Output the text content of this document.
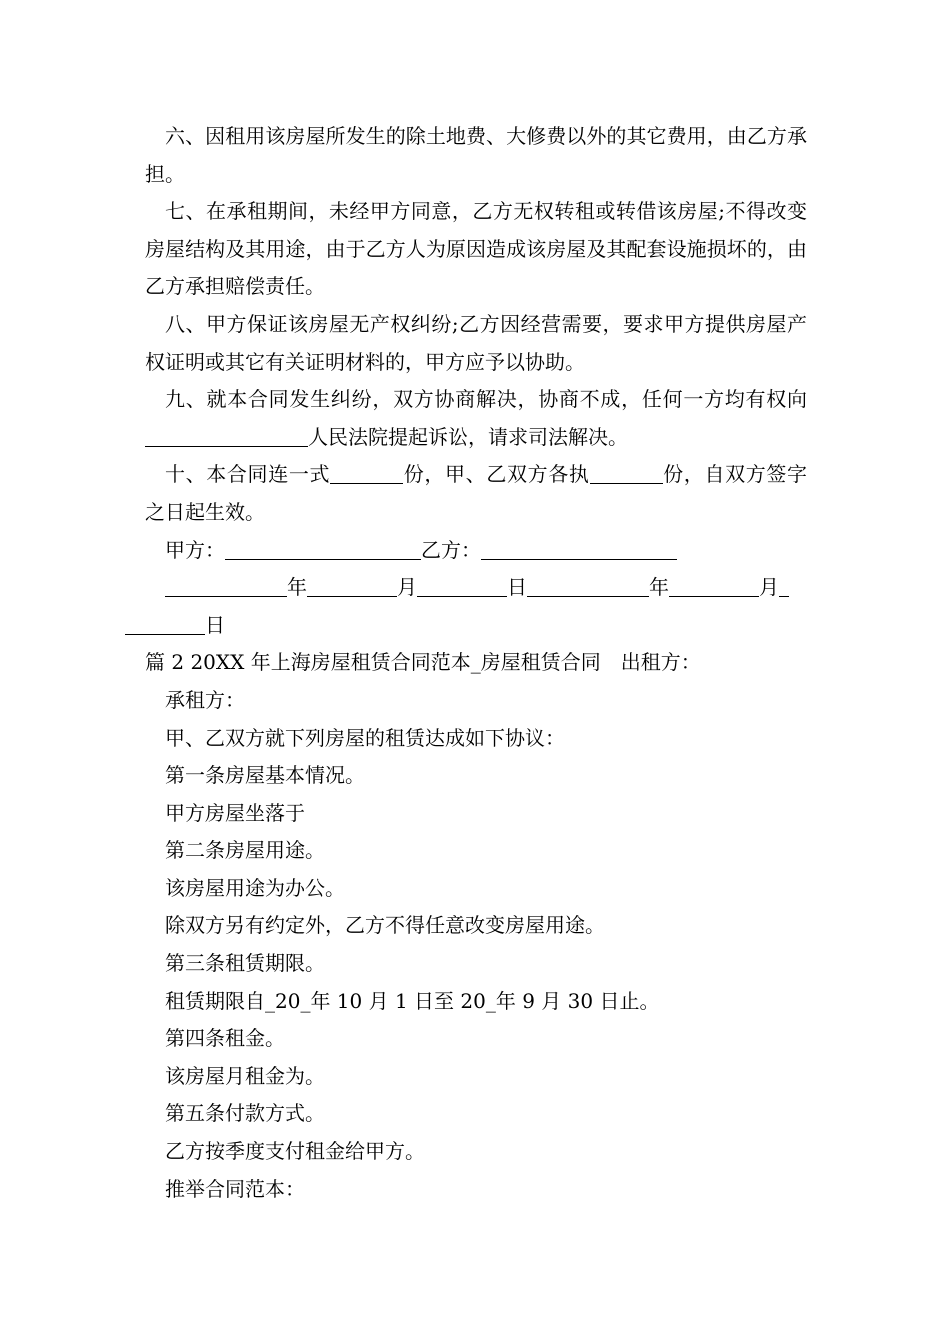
六、因租用该房屋所发生的除土地费、大修费以外的其它费用，由乙方承担。

七、在承租期间，未经甲方同意，乙方无权转租或转借该房屋;不得改变房屋结构及其用途，由于乙方人为原因造成该房屋及其配套设施损坏的，由乙方承担赔偿责任。

八、甲方保证该房屋无产权纠纷;乙方因经营需要，要求甲方提供房屋产权证明或其它有关证明材料的，甲方应予以协助。

九、就本合同发生纠纷，双方协商解决，协商不成，任何一方均有权向人民法院提起诉讼，请求司法解决。

十、本合同连一式	份，甲、乙双方各执	份，自双方签字之日起生效。

甲方：	乙方：

年	月	日	年	月
日

篇 2 20XX 年上海房屋租赁合同范本_房屋租赁合同 出租方：

承租方：

甲、乙双方就下列房屋的租赁达成如下协议：

第一条房屋基本情况。

甲方房屋坐落于

第二条房屋用途。

该房屋用途为办公。

除双方另有约定外，乙方不得任意改变房屋用途。

第三条租赁期限。

租赁期限自_20_年 10 月 1 日至 20_年 9 月 30 日止。

第四条租金。

该房屋月租金为。

第五条付款方式。

乙方按季度支付租金给甲方。

推举合同范本：
